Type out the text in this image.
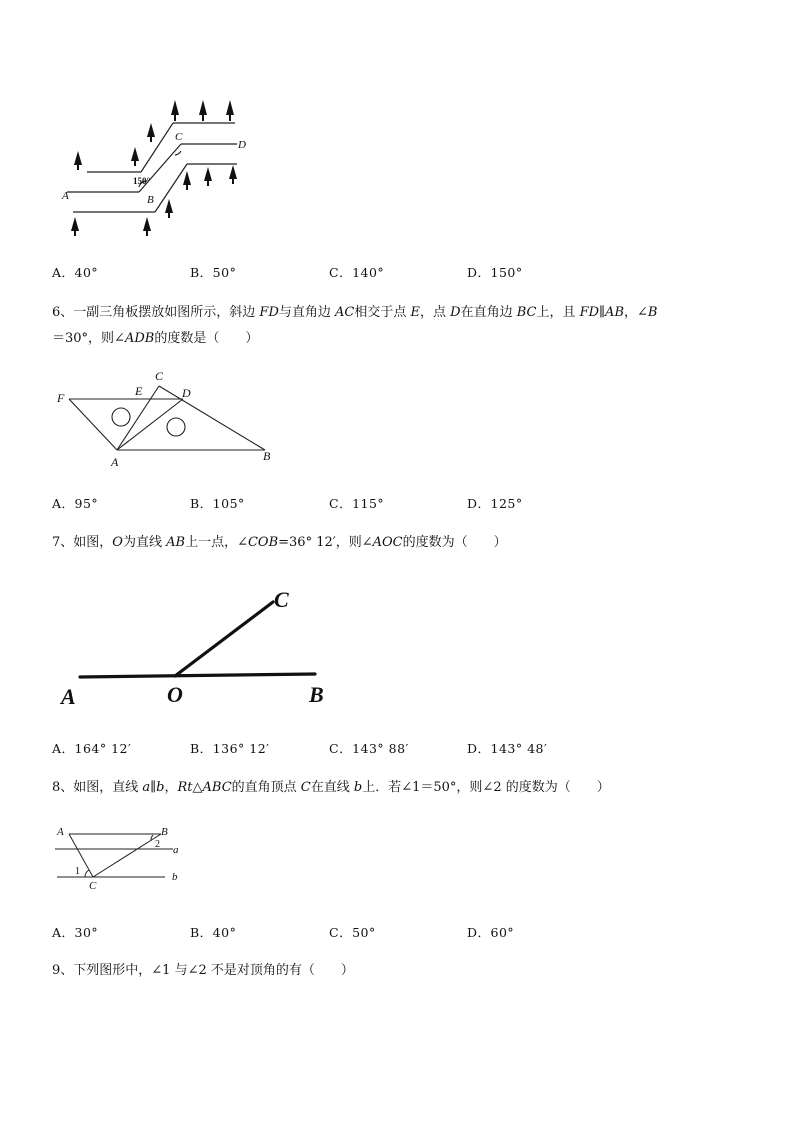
A	B
C
D
150°
A．40°	B．50°	C．140°	D．150°
6、一副三角板摆放如图所示，斜边 FD与直角边 AC相交于点 E，点 D在直角边 BC上，且 FD∥AB，∠B
＝30°，则∠ADB的度数是（　　）
F	E
C
D
A	B
A．95°	B．105°	C．115°	D．125°
7、如图，O为直线 AB上一点，∠COB=36° 12′，则∠AOC的度数为（　　）
A	O	B
C
A．164° 12′	B．136° 12′	C．143° 88′	D．143° 48′
8、如图，直线 a∥b，Rt△ABC的直角顶点 C在直线 b上．若∠1＝50°，则∠2 的度数为（　　）
A	B
C
a
b
1
2
A．30°	B．40°	C．50°	D．60°
9、下列图形中，∠1 与∠2 不是对顶角的有（　　）
